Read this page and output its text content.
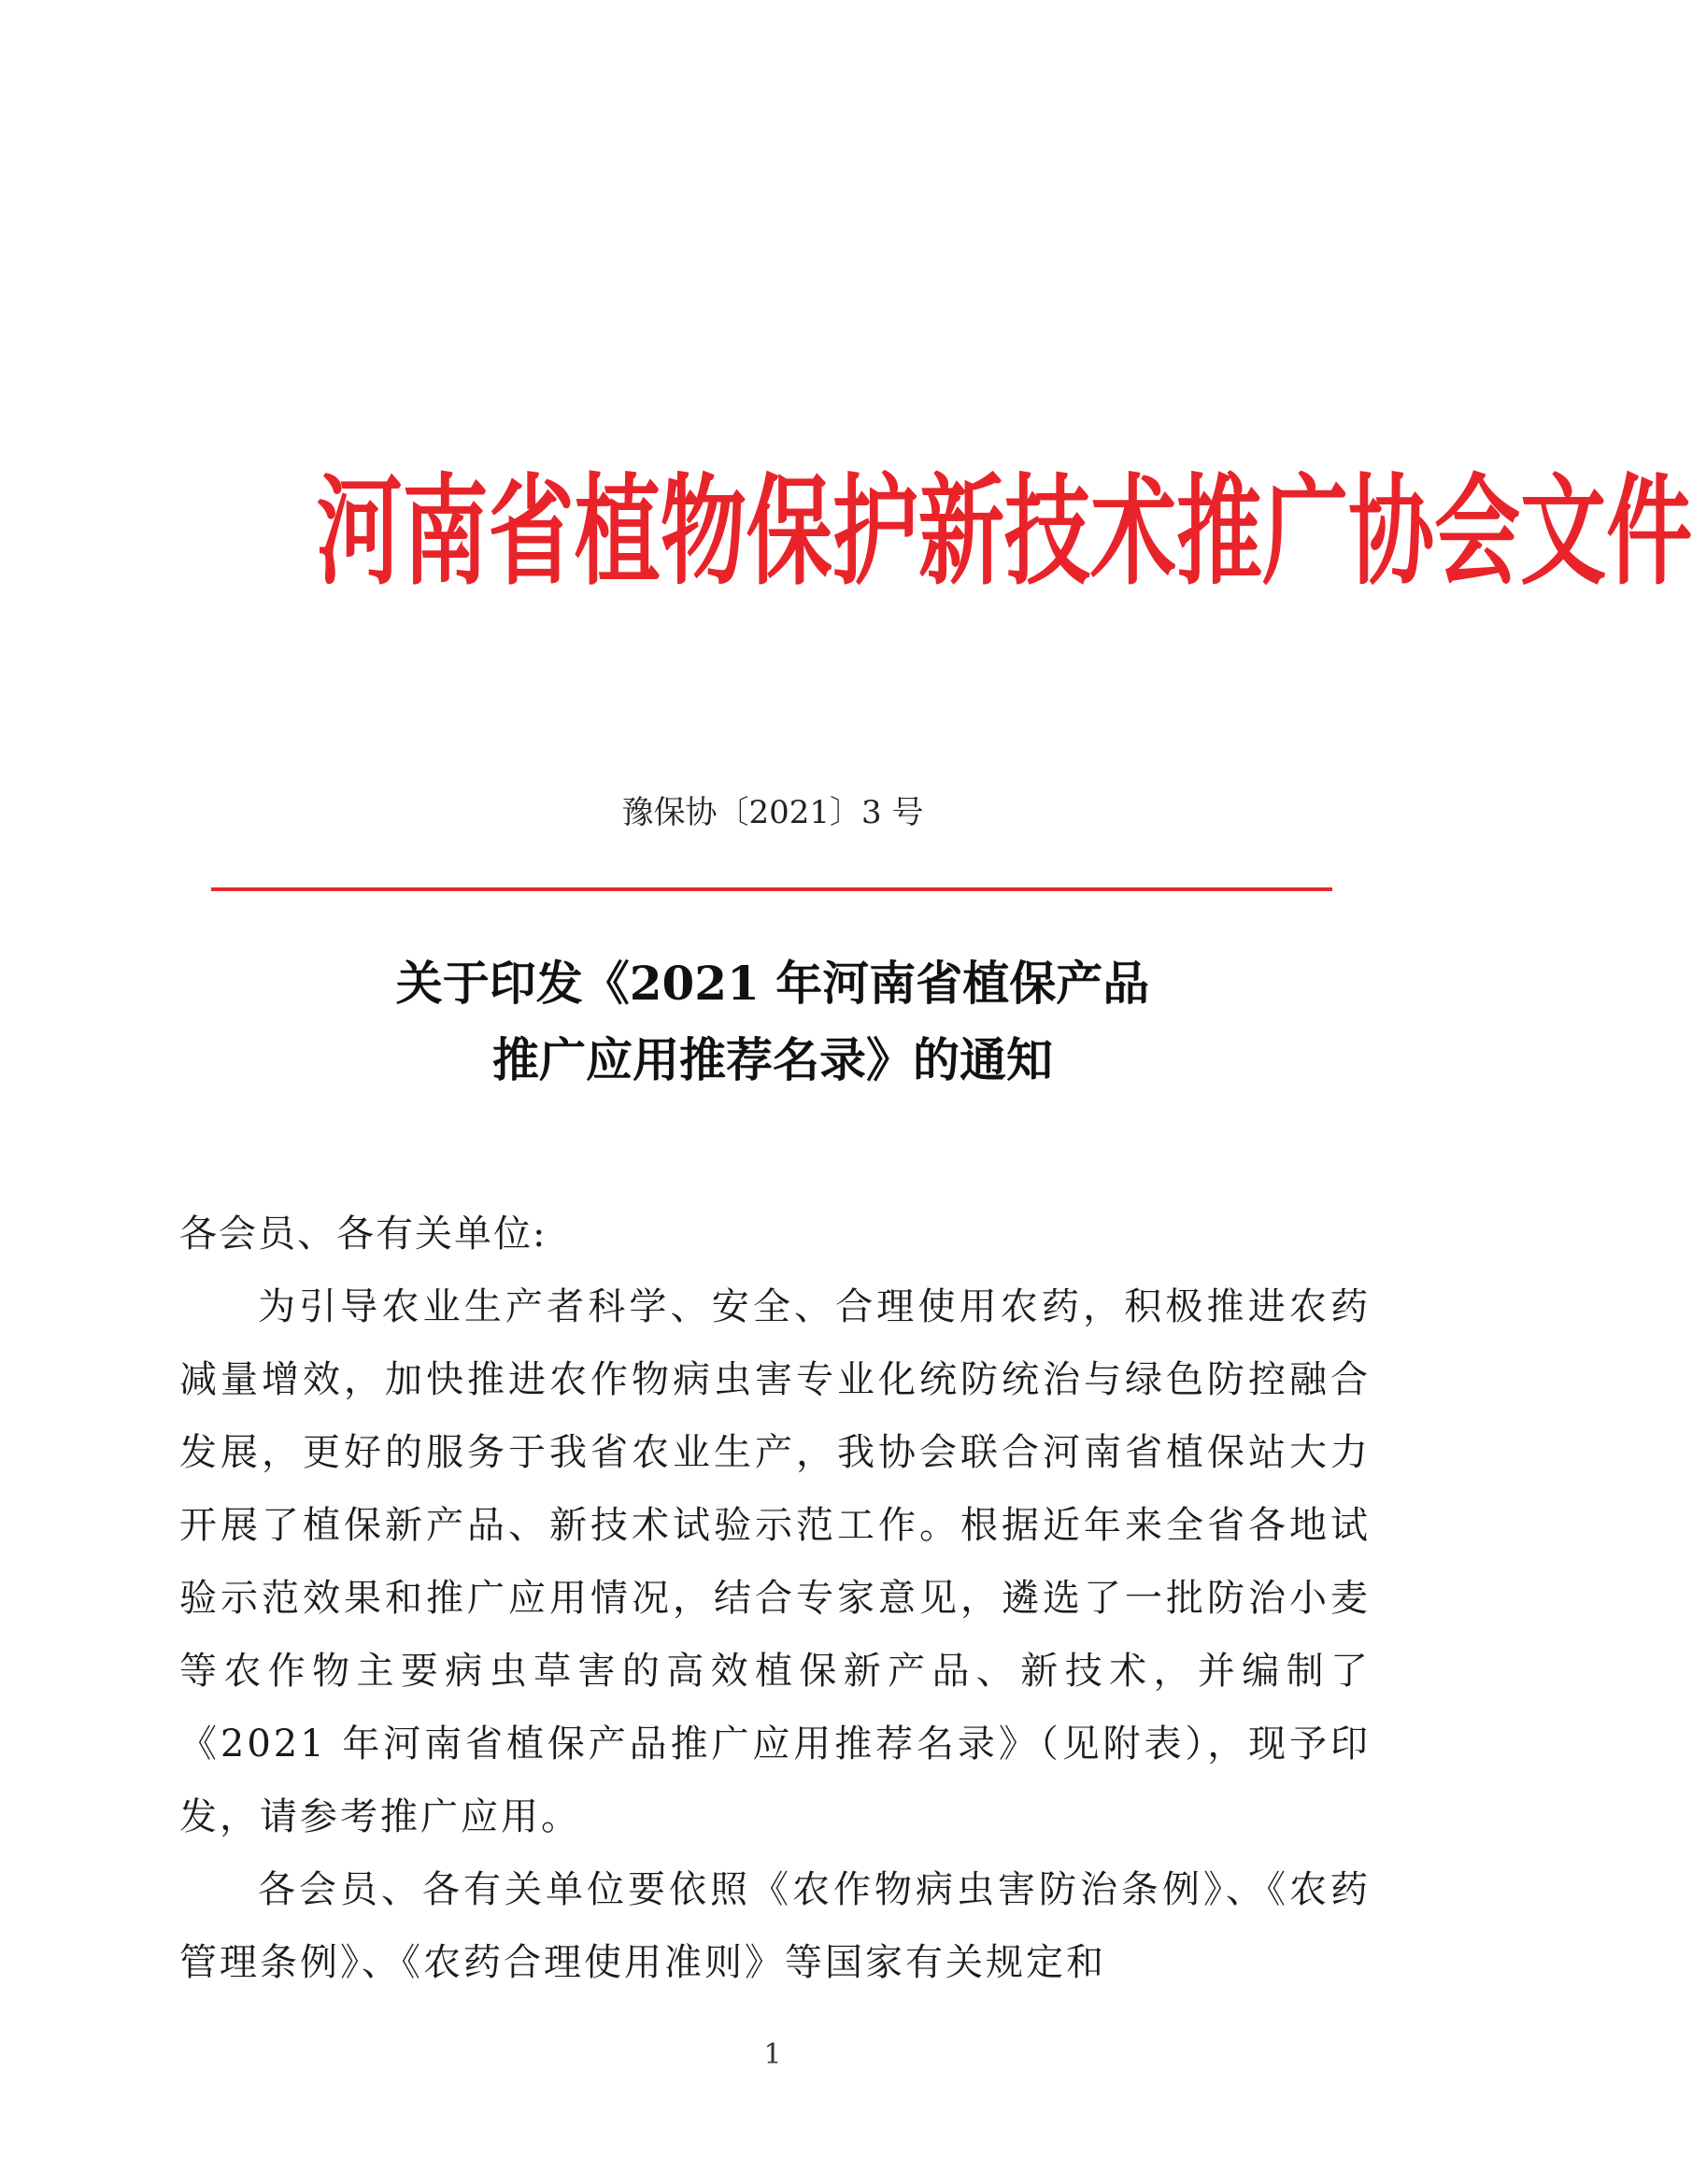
河南省植物保护新技术推广协会文件
豫保协〔2021〕3 号
关于印发《2021 年河南省植保产品
推广应用推荐名录》的通知

各会员、各有关单位:

为引导农业生产者科学、安全、合理使用农药，积极推进农药减量增效，加快推进农作物病虫害专业化统防统治与绿色防控融合发展，更好的服务于我省农业生产，我协会联合河南省植保站大力开展了植保新产品、新技术试验示范工作。根据近年来全省各地试验示范效果和推广应用情况，结合专家意见，遴选了一批防治小麦等农作物主要病虫草害的高效植保新产品、新技术，并编制了《2021 年河南省植保产品推广应用推荐名录》（见附表），现予印发，请参考推广应用。

各会员、各有关单位要依照《农作物病虫害防治条例》、《农药管理条例》、《农药合理使用准则》等国家有关规定和

1
